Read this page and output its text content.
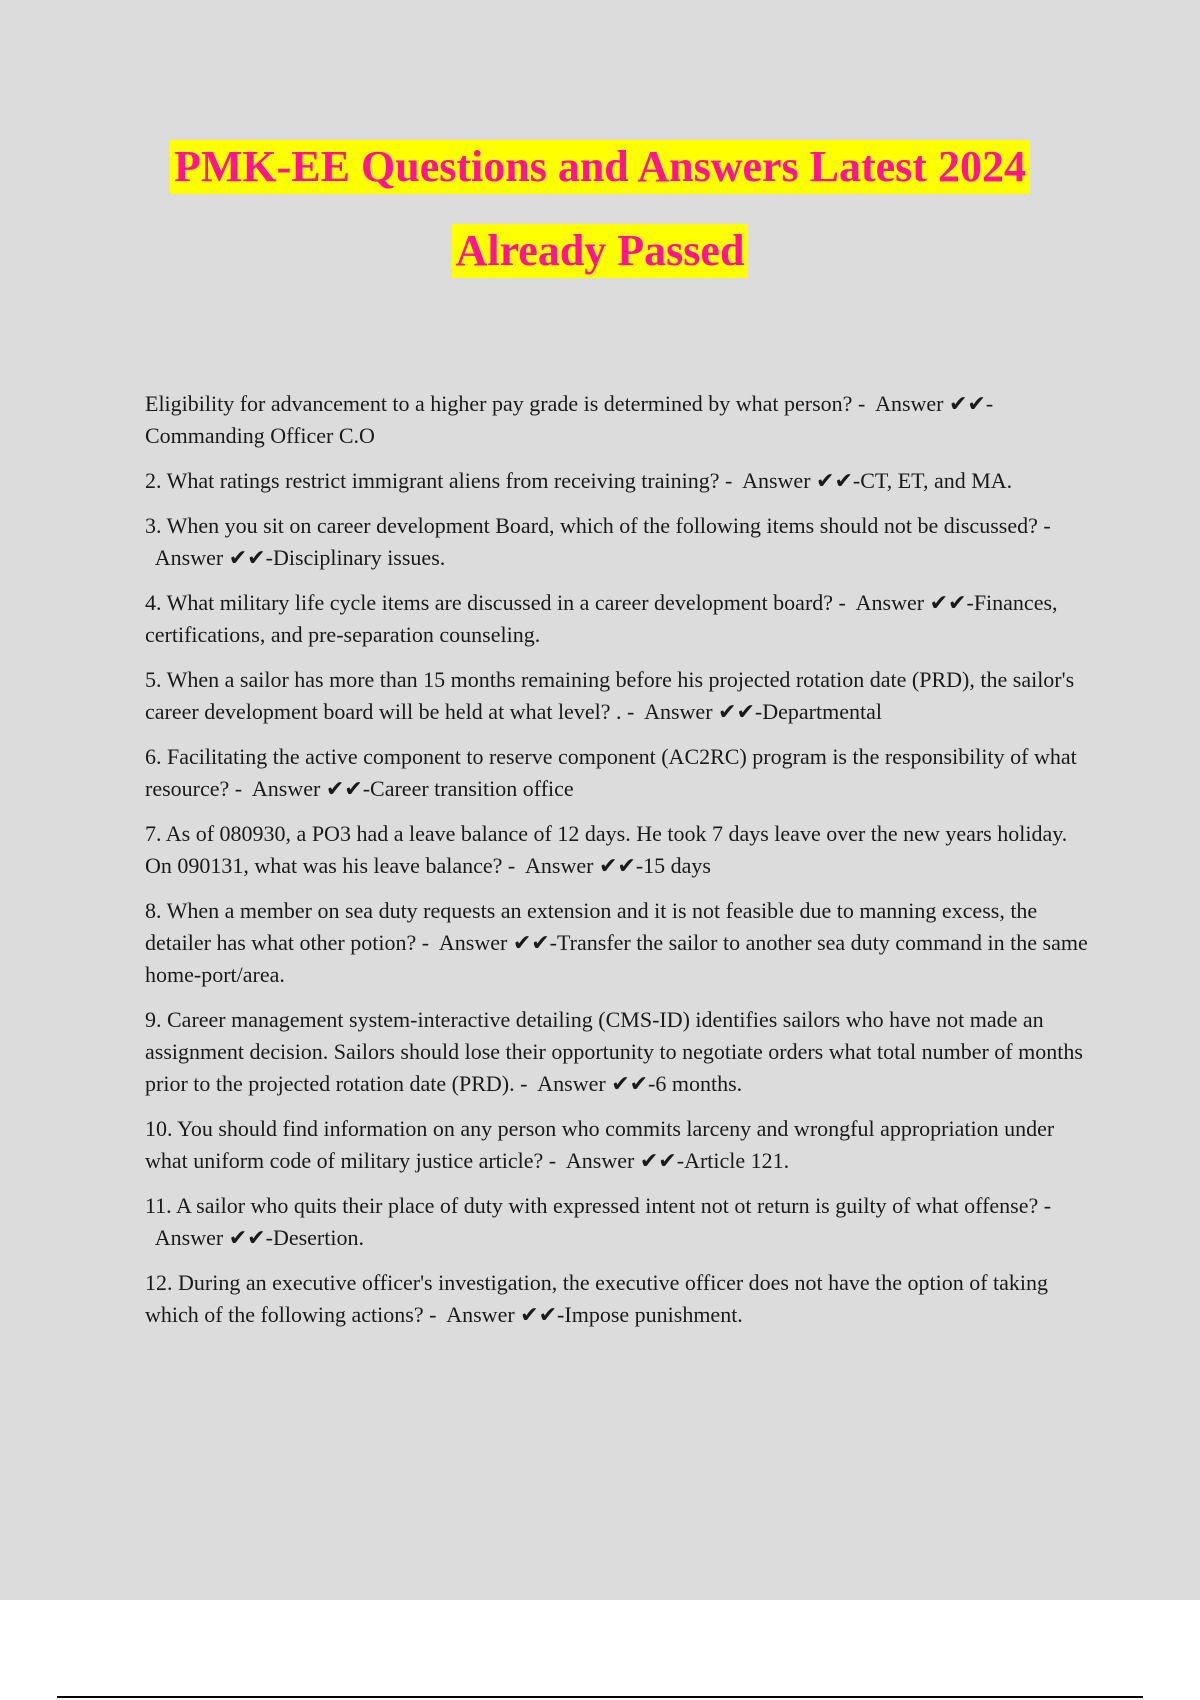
PMK-EE Questions and Answers Latest 2024
Already Passed

Eligibility for advancement to a higher pay grade is determined by what person? - Answer ✔✔-Commanding Officer C.O

2. What ratings restrict immigrant aliens from receiving training? - Answer ✔✔-CT, ET, and MA.

3. When you sit on career development Board, which of the following items should not be discussed? -  Answer ✔✔-Disciplinary issues.

4. What military life cycle items are discussed in a career development board? - Answer ✔✔-Finances, certifications, and pre-separation counseling.

5. When a sailor has more than 15 months remaining before his projected rotation date (PRD), the sailor's career development board will be held at what level? . - Answer ✔✔-Departmental

6. Facilitating the active component to reserve component (AC2RC) program is the responsibility of what resource? - Answer ✔✔-Career transition office

7. As of 080930, a PO3 had a leave balance of 12 days. He took 7 days leave over the new years holiday. On 090131, what was his leave balance? - Answer ✔✔-15 days

8. When a member on sea duty requests an extension and it is not feasible due to manning excess, the detailer has what other potion? - Answer ✔✔-Transfer the sailor to another sea duty command in the same home-port/area.

9. Career management system-interactive detailing (CMS-ID) identifies sailors who have not made an assignment decision. Sailors should lose their opportunity to negotiate orders what total number of months prior to the projected rotation date (PRD). - Answer ✔✔-6 months.

10. You should find information on any person who commits larceny and wrongful appropriation under what uniform code of military justice article? - Answer ✔✔-Article 121.

11. A sailor who quits their place of duty with expressed intent not ot return is guilty of what offense? -  Answer ✔✔-Desertion.

12. During an executive officer's investigation, the executive officer does not have the option of taking which of the following actions? - Answer ✔✔-Impose punishment.
